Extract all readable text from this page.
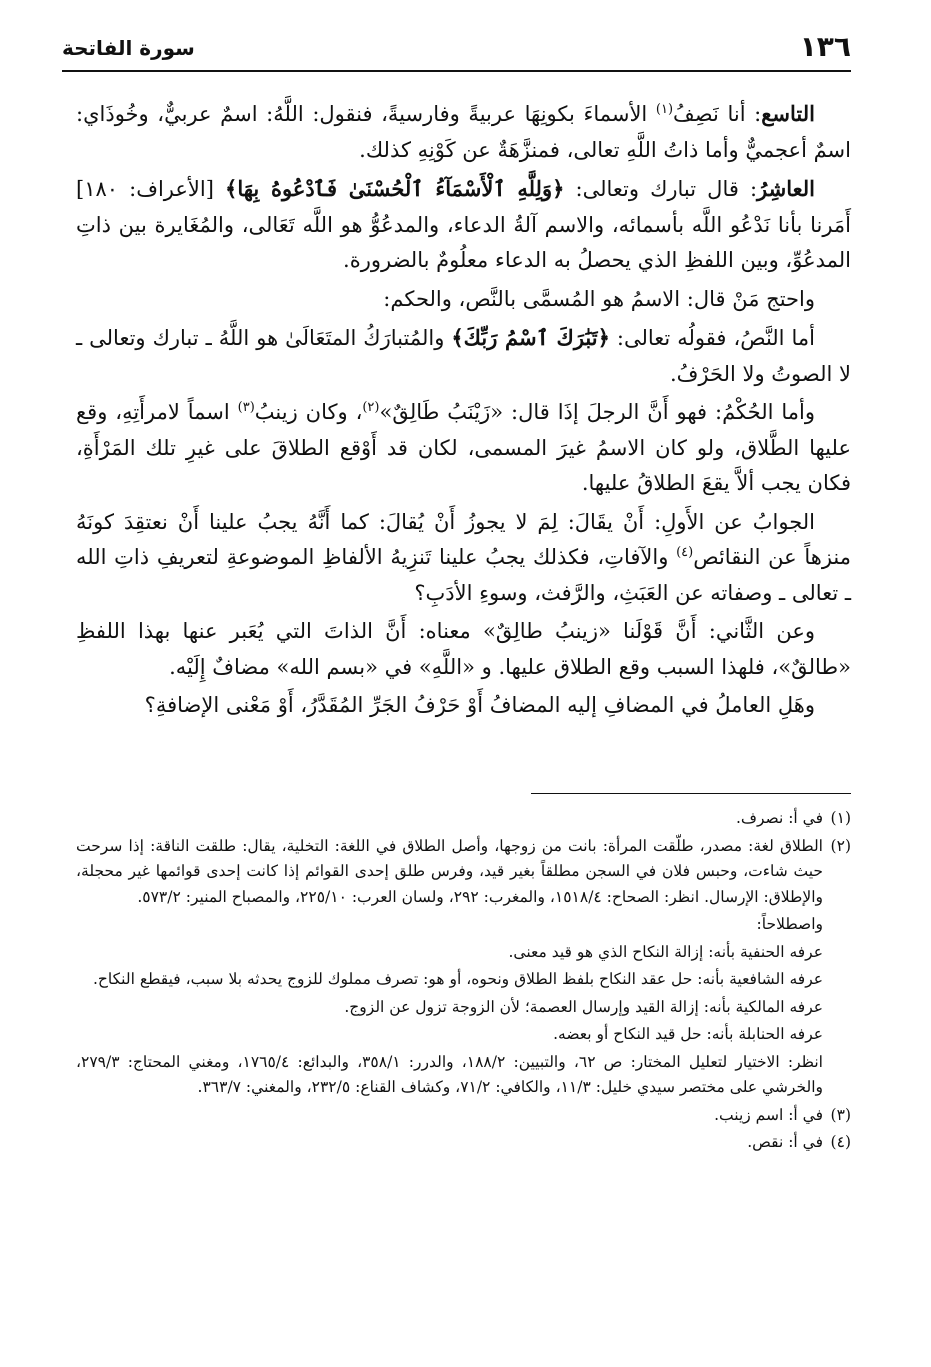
١٣٦
سورة الفاتحة

التاسع: أنا نَصِفُ$^{(١)}$ الأسماءَ بكونِهَا عربيةً وفارسيةً، فنقول: اللَّهُ: اسمٌ عربيٌّ، وخُوذَاي: اسمٌ أعجميٌّ وأما ذاتُ اللَّهِ تعالى، فمنزَّهَةٌ عن كَوْنِهِ كذلك.

العاشِرُ: قال تبارك وتعالى: ﴿وَلِلَّهِ ٱلْأَسْمَآءُ ٱلْحُسْنَىٰ فَٱدْعُوهُ بِهَا﴾ [الأعراف: ١٨٠] أَمَرنا بأنا نَدْعُو اللَّه بأسمائه، والاسم آلةُ الدعاء، والمدعُوُّ هو اللَّه تَعَالى، والمُغَايرة بين ذاتِ المدعُوِّ، وبين اللفظِ الذي يحصلُ به الدعاء معلُومٌ بالضرورة.

واحتج مَنْ قال: الاسمُ هو المُسمَّى بالنَّص، والحكم:

أما النَّصُ، فقولُه تعالى: ﴿تَبَٰرَكَ ٱسْمُ رَبِّكَ﴾ والمُتبارَكُ المتَعَالَىٰ هو اللَّهُ ـ تبارك وتعالى ـ لا الصوتُ ولا الحَرْفُ.

وأما الحُكْمُ: فهو أَنَّ الرجلَ إذَا قال: «زَيْنَبُ طَالِقٌ»$^{(٢)}$، وكان زينبُ$^{(٣)}$ اسماً لامرأَتِهِ، وقع عليها الطَّلاق، ولو كان الاسمُ غيرَ المسمى، لكان قد أَوْقع الطلاقَ على غيرِ تلك المَرْأَةِ، فكان يجب ألاَّ يقعَ الطلاقُ عليها.

الجوابُ عن الأَولِ: أَنْ يقَالَ: لِمَ لا يجوزُ أَنْ يُقالَ: كما أَنَّهُ يجبُ علينا أَنْ نعتقِدَ كونَهُ منزهاً عن النقائص$^{(٤)}$ والآفاتِ، فكذلك يجبُ علينا تَنزِيهُ الألفاظِ الموضوعةِ لتعريفِ ذاتِ الله ـ تعالى ـ وصفاته عن العَبَثِ، والرَّفث، وسوءِ الأدَبِ؟

وعن الثَّاني: أَنَّ قَوْلَنا «زينبُ طالِقٌ» معناه: أَنَّ الذاتَ التي يُعَبر عنها بهذا اللفظِ «طالقٌ»، فلهذا السبب وقع الطلاق عليها. و «اللَّهِ» في «بسم الله» مضافٌ إِلَيْه.

وهَلِ العاملُ في المضافِ إليه المضافُ أَوْ حَرْفُ الجَرِّ المُقَدَّرُ، أَوْ مَعْنى الإضافةِ؟

(١)
في أ: نصرف.
(٢)
الطلاق لغة: مصدر، طلّقت المرأة: بانت من زوجها، وأصل الطلاق في اللغة: التخلية، يقال: طلقت الناقة: إذا سرحت حيث شاءت، وحبس فلان في السجن مطلقاً بغير قيد، وفرس طلق إحدى القوائم إذا كانت إحدى قوائمها غير محجلة، والإطلاق: الإرسال. انظر: الصحاح: ١٥١٨/٤، والمغرب: ٢٩٢، ولسان العرب: ٢٢٥/١٠، والمصباح المنير: ٥٧٣/٢.
واصطلاحاً:
عرفه الحنفية بأنه: إزالة النكاح الذي هو قيد معنى.
عرفه الشافعية بأنه: حل عقد النكاح بلفظ الطلاق ونحوه، أو هو: تصرف مملوك للزوج يحدثه بلا سبب، فيقطع النكاح.
عرفه المالكية بأنه: إزالة القيد وإرسال العصمة؛ لأن الزوجة تزول عن الزوج.
عرفه الحنابلة بأنه: حل قيد النكاح أو بعضه.
انظر: الاختيار لتعليل المختار: ص ٦٢، والتبيين: ١٨٨/٢، والدرر: ٣٥٨/١، والبدائع: ١٧٦٥/٤، ومغني المحتاج: ٢٧٩/٣، والخرشي على مختصر سيدي خليل: ١١/٣، والكافي: ٧١/٢، وكشاف القناع: ٢٣٢/٥، والمغني: ٣٦٣/٧.
(٣)
في أ: اسم زينب.
(٤)
في أ: نقص.
